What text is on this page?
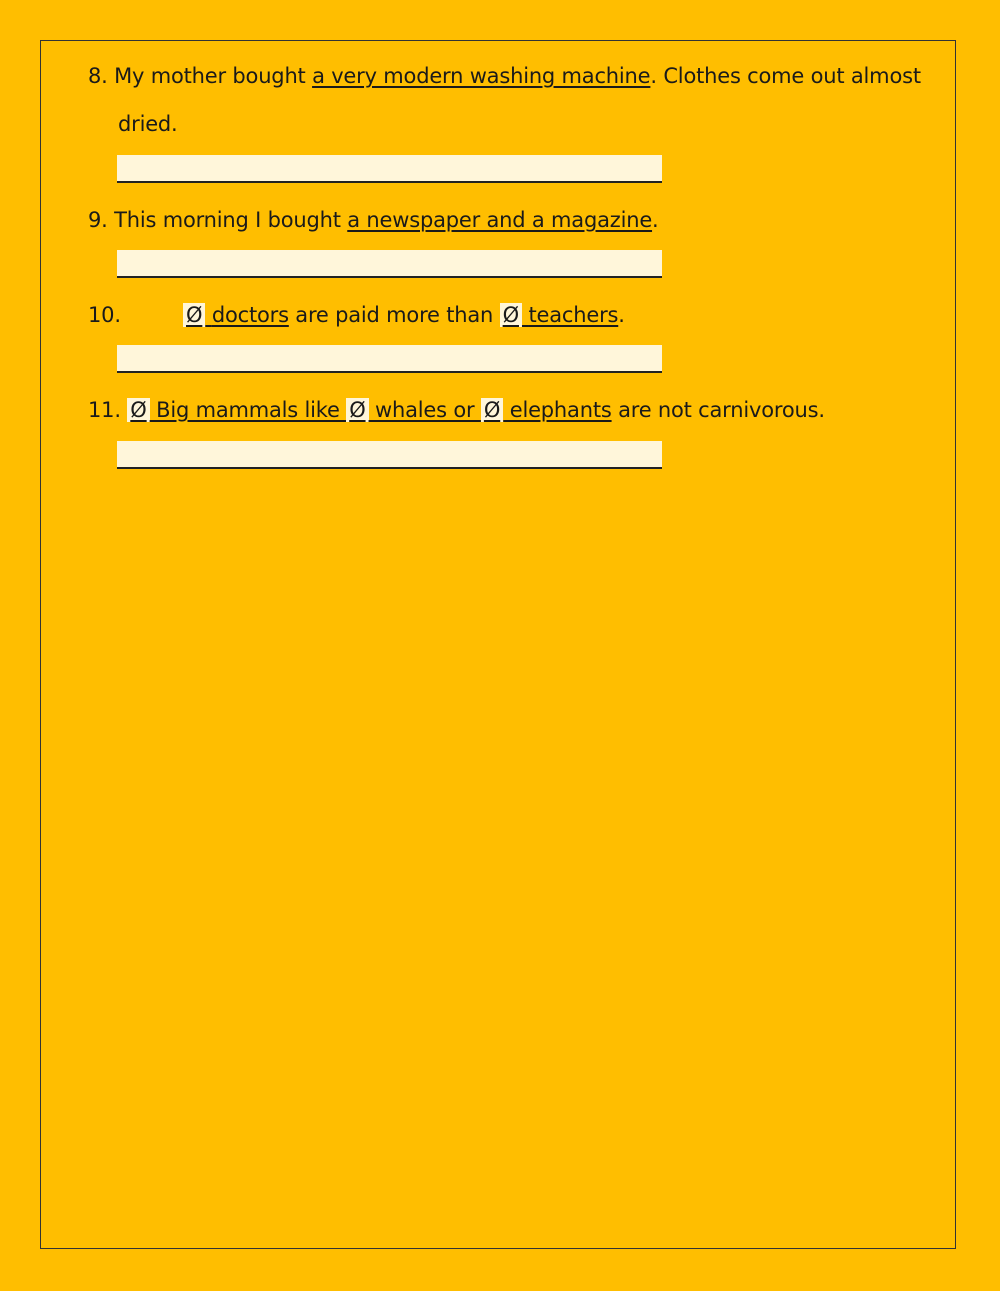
8. My mother bought a very modern washing machine. Clothes come out almost
dried.
9. This morning I bought a newspaper and a magazine.
10.	Ø doctors are paid more than Ø teachers.
11. Ø Big mammals like Ø whales or Ø elephants are not carnivorous.
